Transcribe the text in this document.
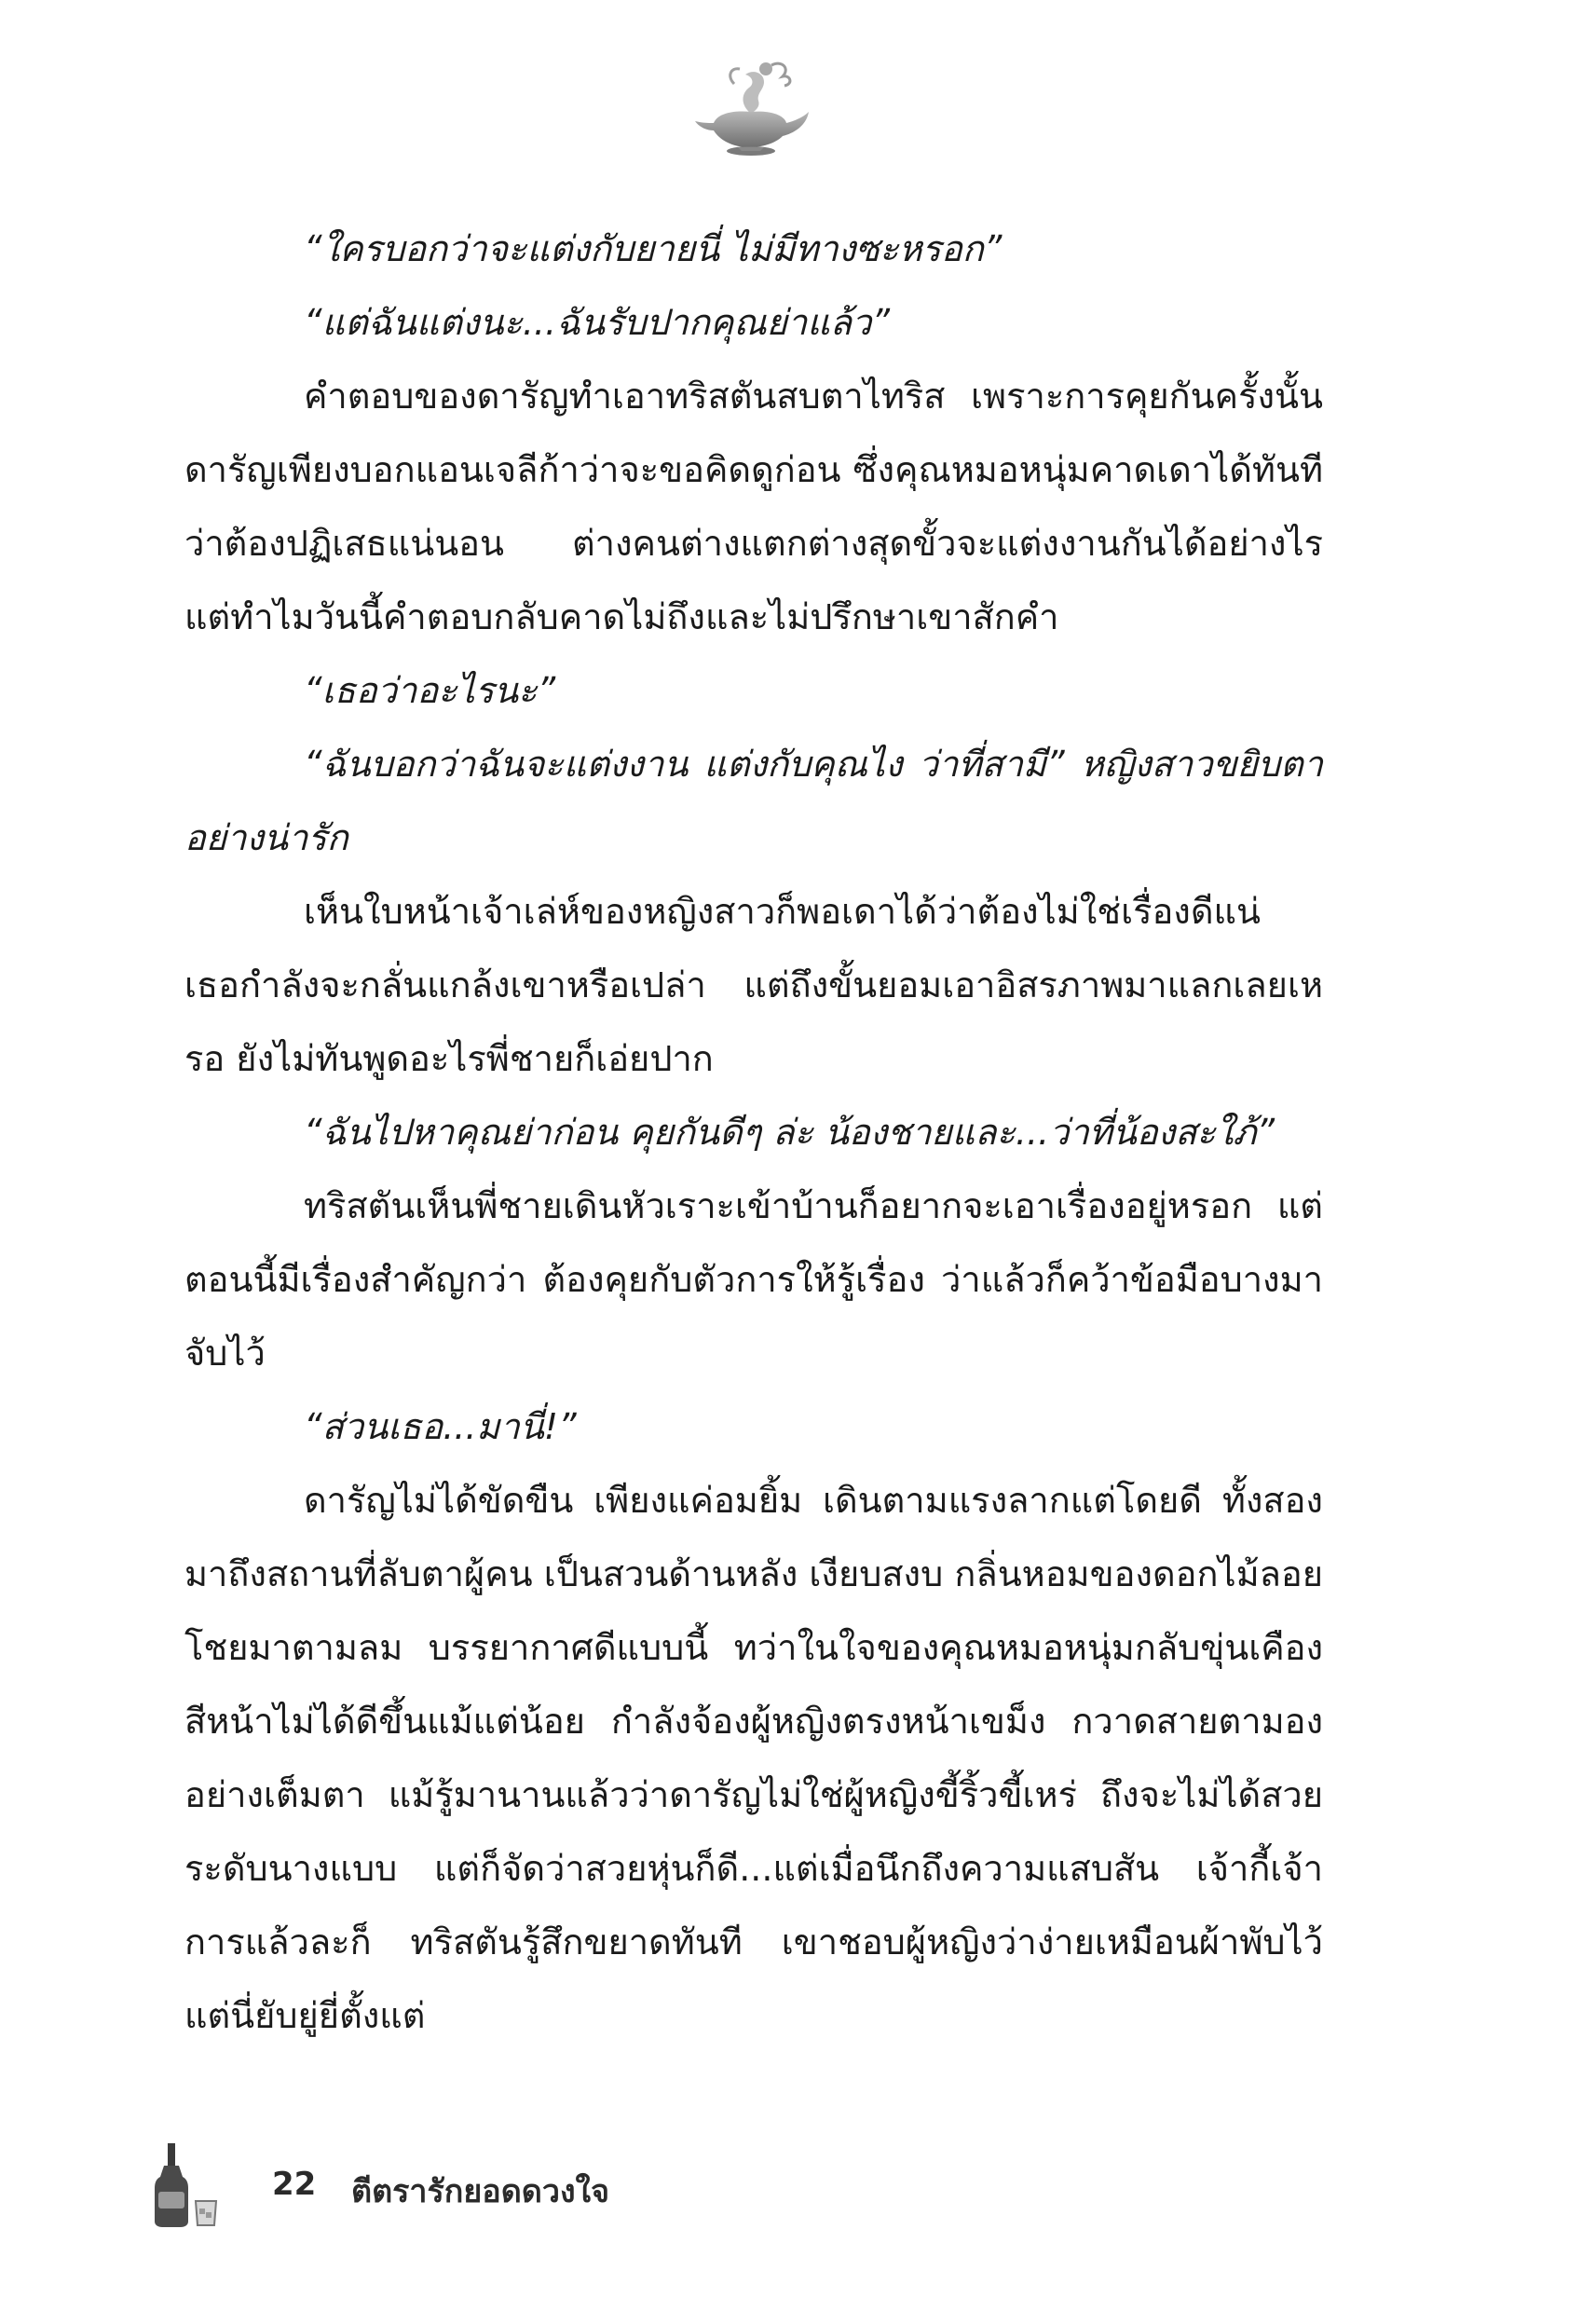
“ใครบอกว่าจะแต่งกับยายนี่ ไม่มีทางซะหรอก”

“แต่ฉันแต่งนะ...ฉันรับปากคุณย่าแล้ว”

คำตอบของดารัญทำเอาทริสตันสบตาไทริส เพราะการคุยกันครั้งนั้นดารัญเพียงบอกแอนเจลีก้าว่าจะขอคิดดูก่อน ซึ่งคุณหมอหนุ่มคาดเดาได้ทันทีว่าต้องปฏิเสธแน่นอน ต่างคนต่างแตกต่างสุดขั้วจะแต่งงานกันได้อย่างไร แต่ทำไมวันนี้คำตอบกลับคาดไม่ถึงและไม่ปรึกษาเขาสักคำ

“เธอว่าอะไรนะ”

“ฉันบอกว่าฉันจะแต่งงาน แต่งกับคุณไง ว่าที่สามี” หญิงสาวขยิบตาอย่างน่ารัก

เห็นใบหน้าเจ้าเล่ห์ของหญิงสาวก็พอเดาได้ว่าต้องไม่ใช่เรื่องดีแน่ เธอกำลังจะกลั่นแกล้งเขาหรือเปล่า แต่ถึงขั้นยอมเอาอิสรภาพมาแลกเลยเหรอ ยังไม่ทันพูดอะไรพี่ชายก็เอ่ยปาก

“ฉันไปหาคุณย่าก่อน คุยกันดีๆ ล่ะ น้องชายและ...ว่าที่น้องสะใภ้”

ทริสตันเห็นพี่ชายเดินหัวเราะเข้าบ้านก็อยากจะเอาเรื่องอยู่หรอก แต่ตอนนี้มีเรื่องสำคัญกว่า ต้องคุยกับตัวการให้รู้เรื่อง ว่าแล้วก็คว้าข้อมือบางมาจับไว้

“ส่วนเธอ...มานี่!”

ดารัญไม่ได้ขัดขืน เพียงแค่อมยิ้ม เดินตามแรงลากแต่โดยดี ทั้งสองมาถึงสถานที่ลับตาผู้คน เป็นสวนด้านหลัง เงียบสงบ กลิ่นหอมของดอกไม้ลอยโชยมาตามลม บรรยากาศดีแบบนี้ ทว่าในใจของคุณหมอหนุ่มกลับขุ่นเคือง สีหน้าไม่ได้ดีขึ้นแม้แต่น้อย กำลังจ้องผู้หญิงตรงหน้าเขม็ง กวาดสายตามองอย่างเต็มตา แม้รู้มานานแล้วว่าดารัญไม่ใช่ผู้หญิงขี้ริ้วขี้เหร่ ถึงจะไม่ได้สวยระดับนางแบบ แต่ก็จัดว่าสวยหุ่นก็ดี...แต่เมื่อนึกถึงความแสบสัน เจ้ากี้เจ้าการแล้วละก็ ทริสตันรู้สึกขยาดทันที เขาชอบผู้หญิงว่าง่ายเหมือนผ้าพับไว้ แต่นี่ยับยู่ยี่ตั้งแต่

22 ตีตรารักยอดดวงใจ
